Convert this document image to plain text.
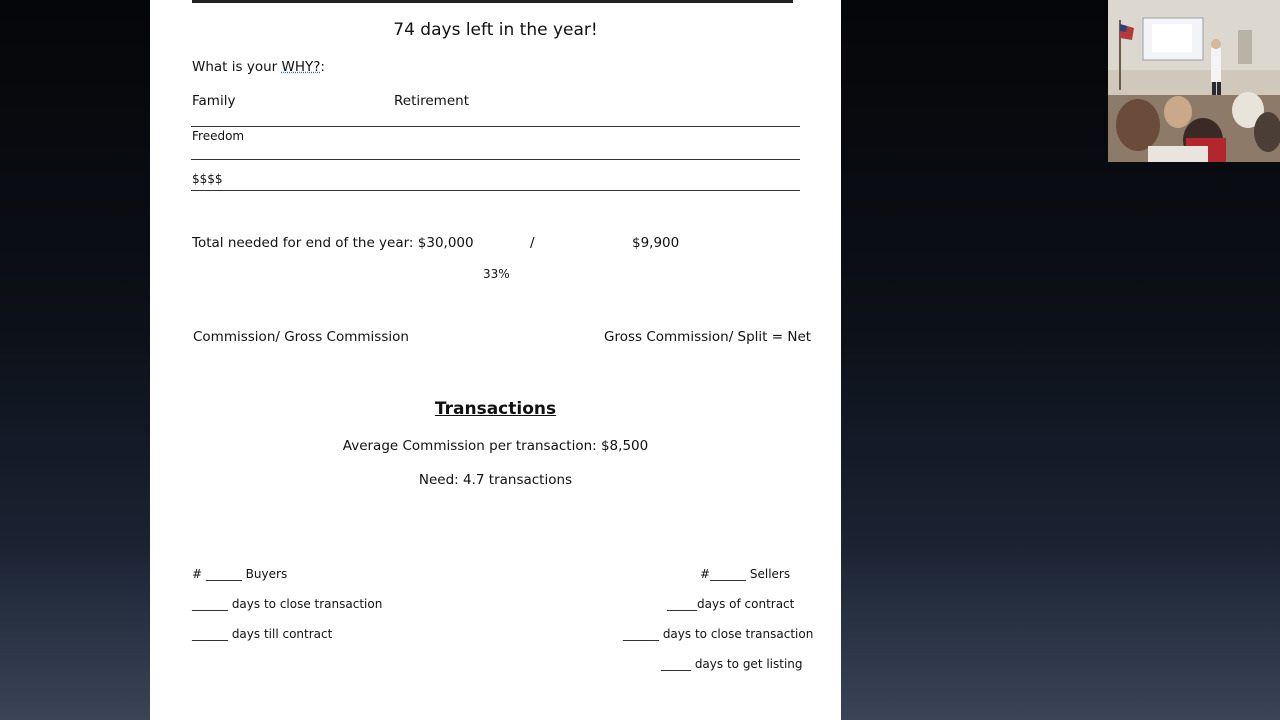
74 days left in the year!
What is your WHY?:
Family	Retirement
Freedom
$$$$
Total needed for end of the year: $30,000	/	$9,900
33%
Commission/ Gross Commission	Gross Commission/ Split = Net
Transactions
Average Commission per transaction: $8,500
Need: 4.7 transactions
# ______ Buyers
______ days to close transaction
______ days till contract
#______ Sellers
_____days of contract
______ days to close transaction
_____ days to get listing
